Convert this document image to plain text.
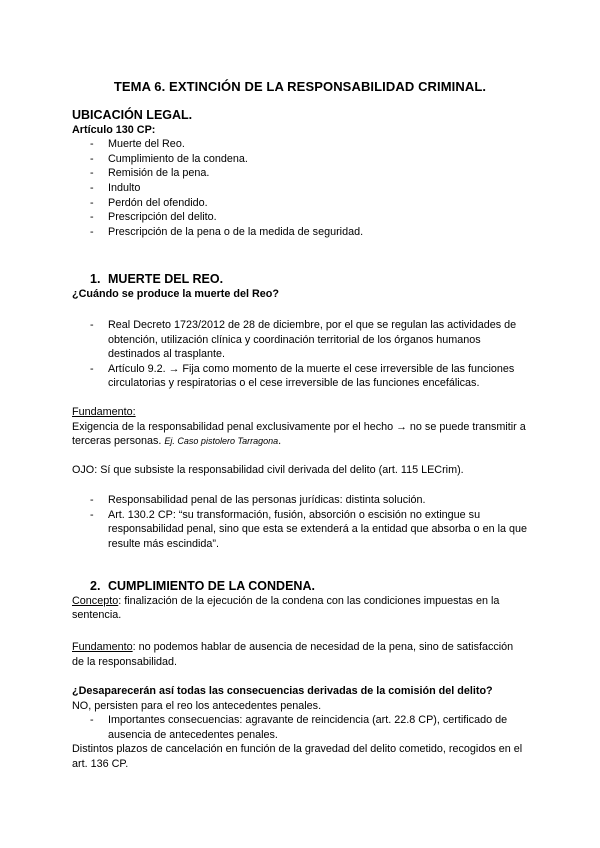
TEMA 6. EXTINCIÓN DE LA RESPONSABILIDAD CRIMINAL.
UBICACIÓN LEGAL.
Artículo 130 CP:
- Muerte del Reo.
- Cumplimiento de la condena.
- Remisión de la pena.
- Indulto
- Perdón del ofendido.
- Prescripción del delito.
- Prescripción de la pena o de la medida de seguridad.
1. MUERTE DEL REO.
¿Cuándo se produce la muerte del Reo?
- Real Decreto 1723/2012 de 28 de diciembre, por el que se regulan las actividades de obtención, utilización clínica y coordinación territorial de los órganos humanos destinados al trasplante.
- Artículo 9.2. → Fija como momento de la muerte el cese irreversible de las funciones circulatorias y respiratorias o el cese irreversible de las funciones encefálicas.
Fundamento:

Exigencia de la responsabilidad penal exclusivamente por el hecho → no se puede transmitir a terceras personas. Ej. Caso pistolero Tarragona.

OJO: Sí que subsiste la responsabilidad civil derivada del delito (art. 115 LECrim).
- Responsabilidad penal de las personas jurídicas: distinta solución.
- Art. 130.2 CP: “su transformación, fusión, absorción o escisión no extingue su responsabilidad penal, sino que esta se extenderá a la entidad que absorba o en la que resulte más escindida”.
2. CUMPLIMIENTO DE LA CONDENA.

Concepto: finalización de la ejecución de la condena con las condiciones impuestas en la sentencia.

Fundamento: no podemos hablar de ausencia de necesidad de la pena, sino de satisfacción de la responsabilidad.

¿Desaparecerán así todas las consecuencias derivadas de la comisión del delito?
NO, persisten para el reo los antecedentes penales.
- Importantes consecuencias: agravante de reincidencia (art. 22.8 CP), certificado de ausencia de antecedentes penales.

Distintos plazos de cancelación en función de la gravedad del delito cometido, recogidos en el art. 136 CP.
